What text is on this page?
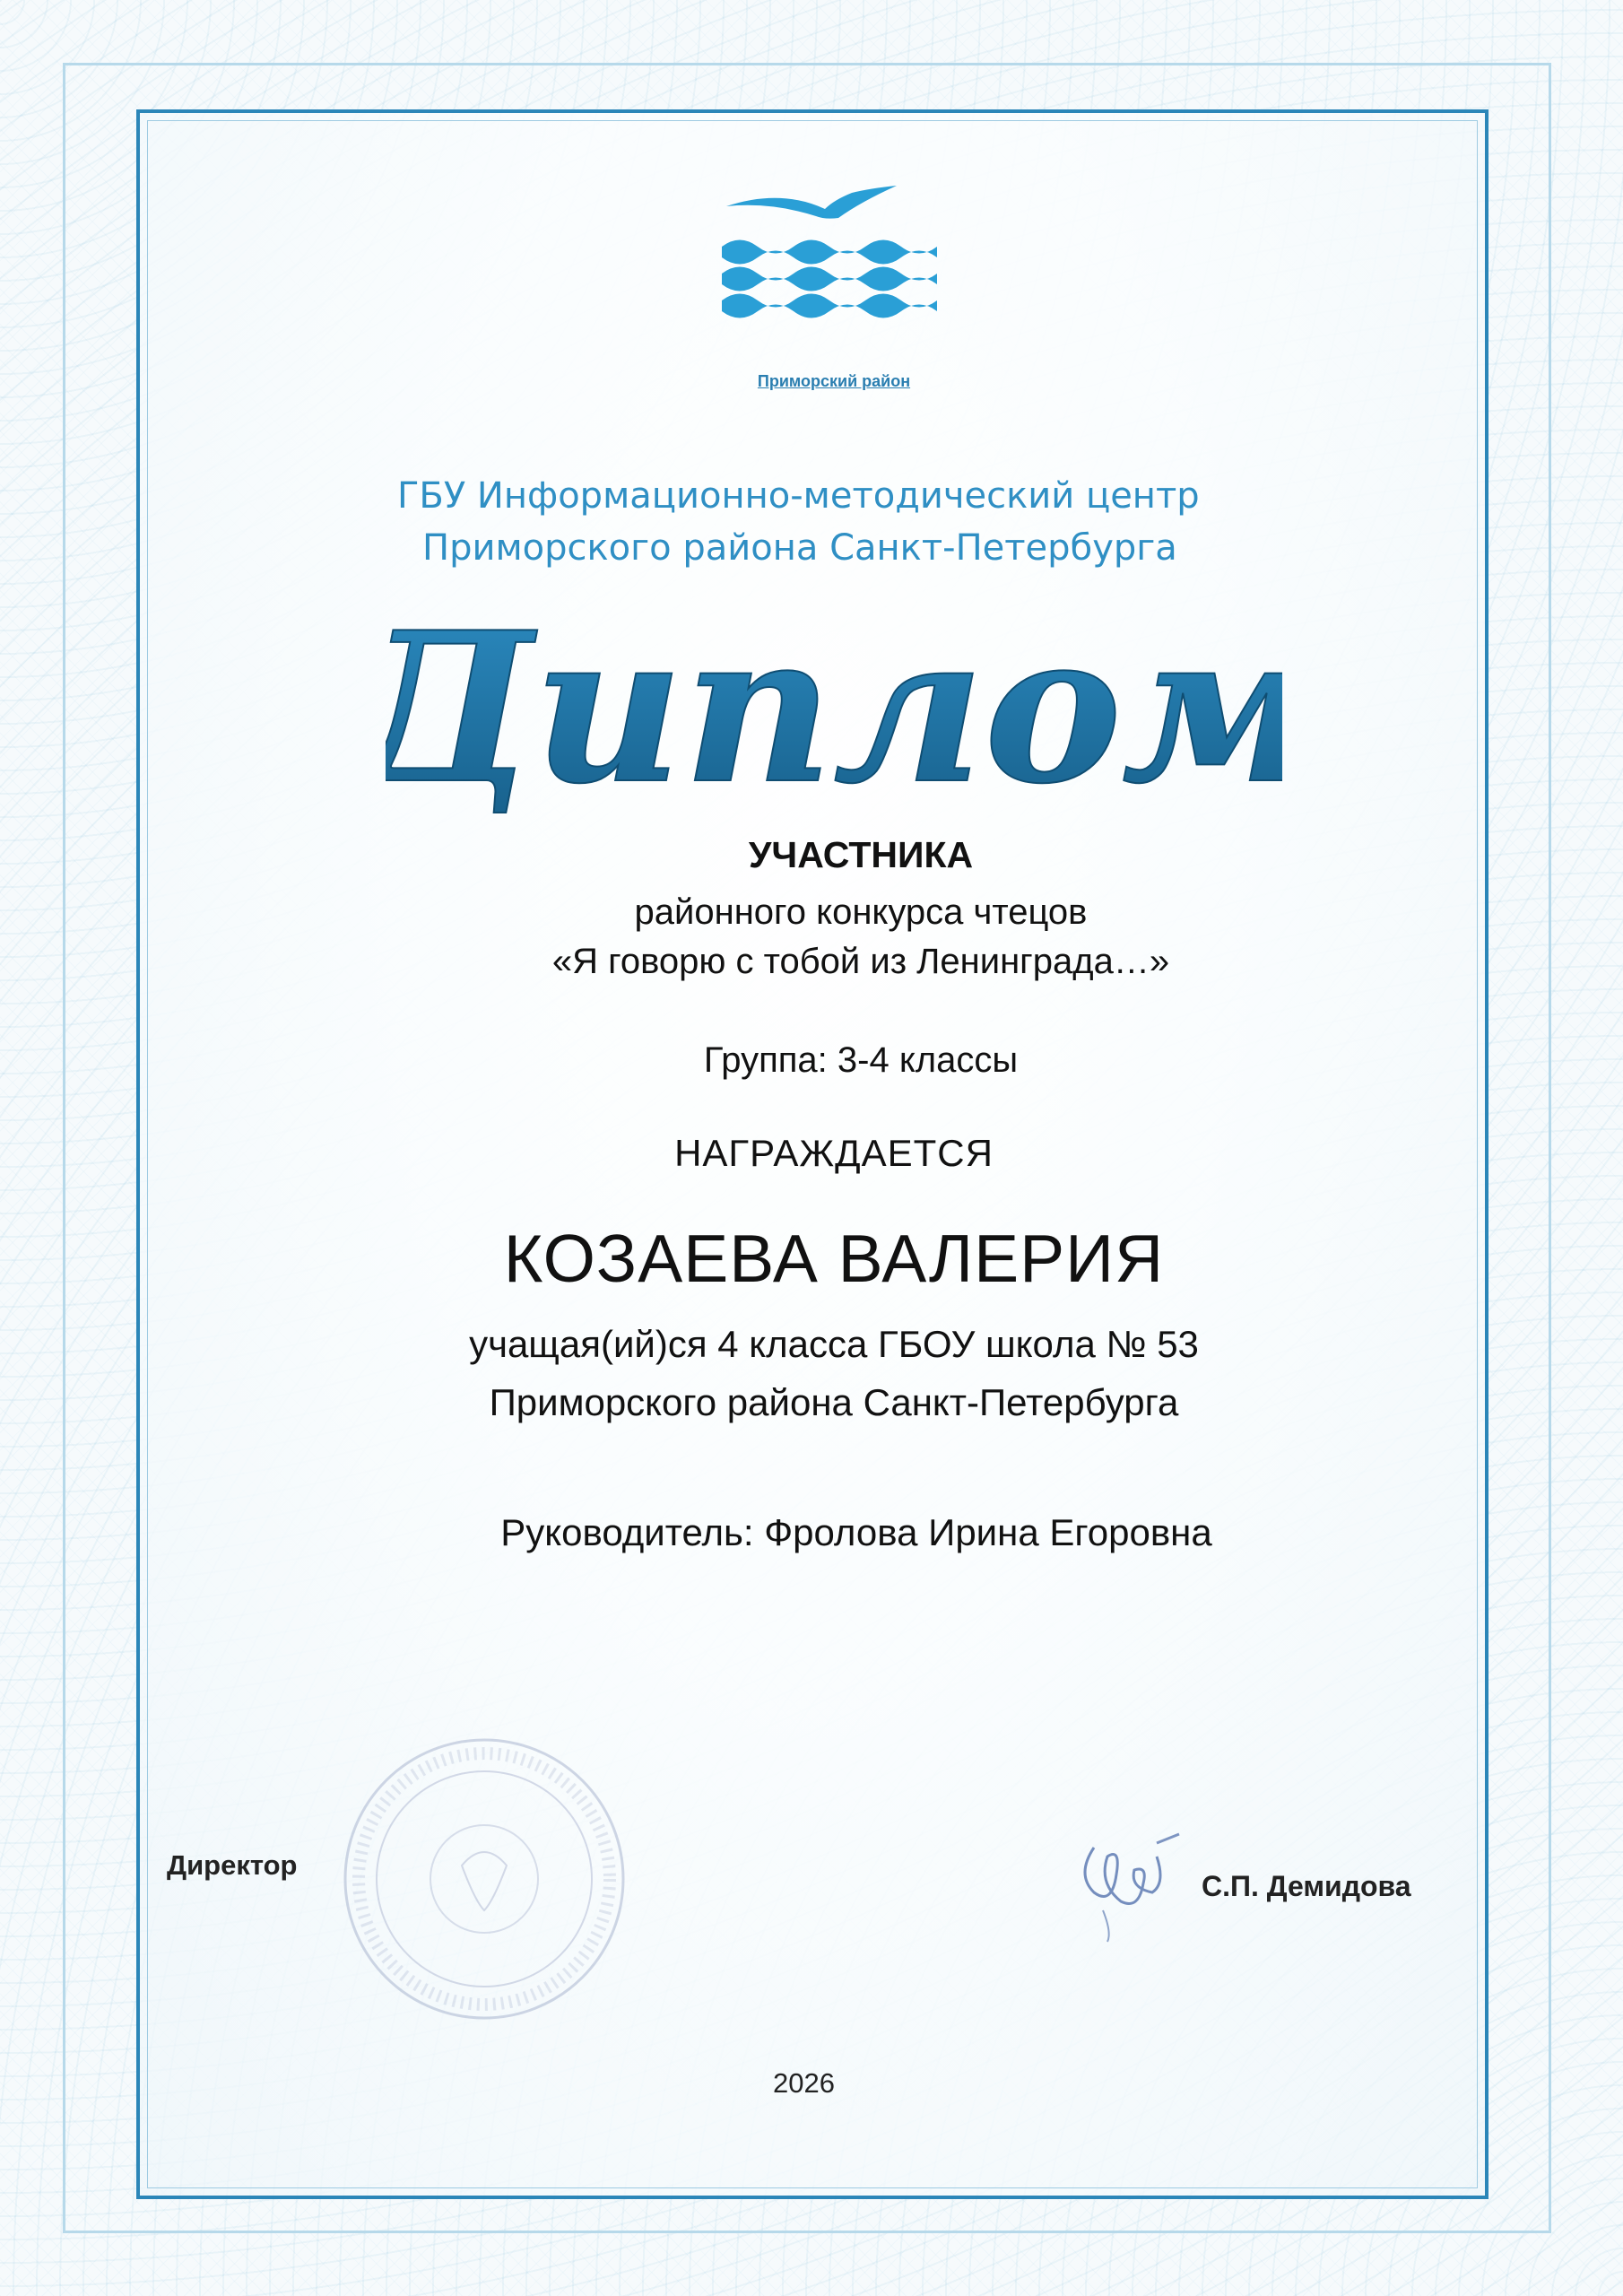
Приморский район
ГБУ Информационно-методический центр
Приморского района Санкт-Петербурга
Диплом
УЧАСТНИКА
районного конкурса чтецов
«Я говорю с тобой из Ленинграда…»
Группа: 3-4 классы
НАГРАЖДАЕТСЯ
КОЗАЕВА ВАЛЕРИЯ
учащая(ий)ся 4 класса ГБОУ школа № 53
Приморского района Санкт-Петербурга
Руководитель: Фролова Ирина Егоровна
Директор
С.П. Демидова
2026
